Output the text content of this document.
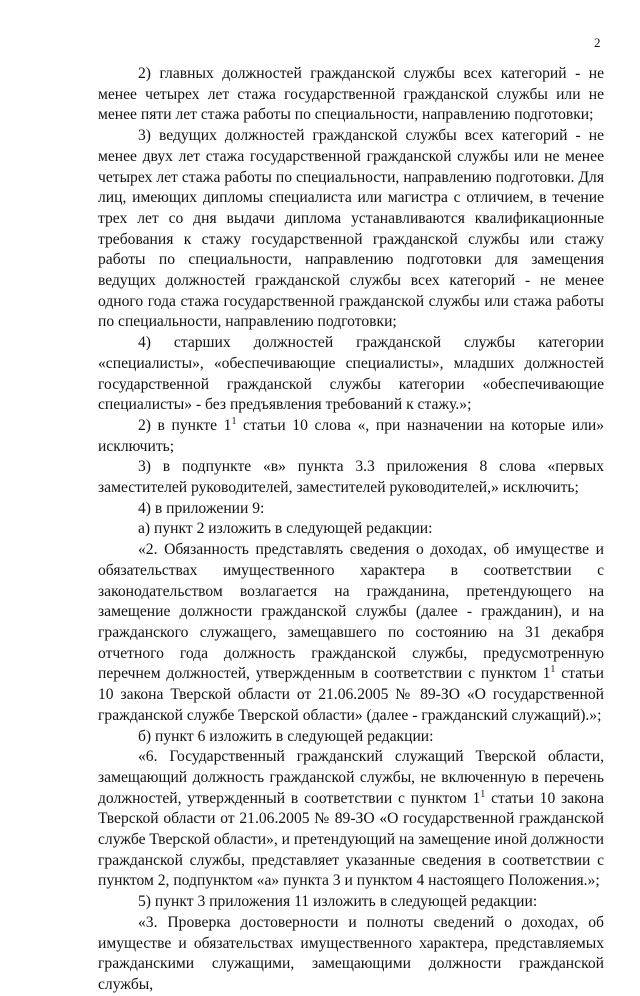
2

2) главных должностей гражданской службы всех категорий - не менее четырех лет стажа государственной гражданской службы или не менее пяти лет стажа работы по специальности, направлению подготовки;

3) ведущих должностей гражданской службы всех категорий - не менее двух лет стажа государственной гражданской службы или не менее четырех лет стажа работы по специальности, направлению подготовки. Для лиц, имеющих дипломы специалиста или магистра с отличием, в течение трех лет со дня выдачи диплома устанавливаются квалификационные требования к стажу государственной гражданской службы или стажу работы по специальности, направлению подготовки для замещения ведущих должностей гражданской службы всех категорий - не менее одного года стажа государственной гражданской службы или стажа работы по специальности, направлению подготовки;

4) старших должностей гражданской службы категории «специалисты», «обеспечивающие специалисты», младших должностей государственной гражданской службы категории «обеспечивающие специалисты» - без предъявления требований к стажу.»;

2) в пункте $1^1$ статьи 10 слова «, при назначении на которые или» исключить;

3) в подпункте «в» пункта 3.3 приложения 8 слова «первых заместителей руководителей, заместителей руководителей,» исключить;

4) в приложении 9:

а) пункт 2 изложить в следующей редакции:

«2. Обязанность представлять сведения о доходах, об имуществе и обязательствах имущественного характера в соответствии с законодательством возлагается на гражданина, претендующего на замещение должности гражданской службы (далее - гражданин), и на гражданского служащего, замещавшего по состоянию на 31 декабря отчетного года должность гражданской службы, предусмотренную перечнем должностей, утвержденным в соответствии с пунктом $1^1$ статьи 10 закона Тверской области от 21.06.2005 № 89-ЗО «О государственной гражданской службе Тверской области» (далее - гражданский служащий).»;

б) пункт 6 изложить в следующей редакции:

«6. Государственный гражданский служащий Тверской области, замещающий должность гражданской службы, не включенную в перечень должностей, утвержденный в соответствии с пунктом $1^1$ статьи 10 закона Тверской области от 21.06.2005 № 89-ЗО «О государственной гражданской службе Тверской области», и претендующий на замещение иной должности гражданской службы, представляет указанные сведения в соответствии с пунктом 2, подпунктом «а» пункта 3 и пунктом 4 настоящего Положения.»;

5) пункт 3 приложения 11 изложить в следующей редакции:

«3. Проверка достоверности и полноты сведений о доходах, об имуществе и обязательствах имущественного характера, представляемых гражданскими служащими, замещающими должности гражданской службы,
